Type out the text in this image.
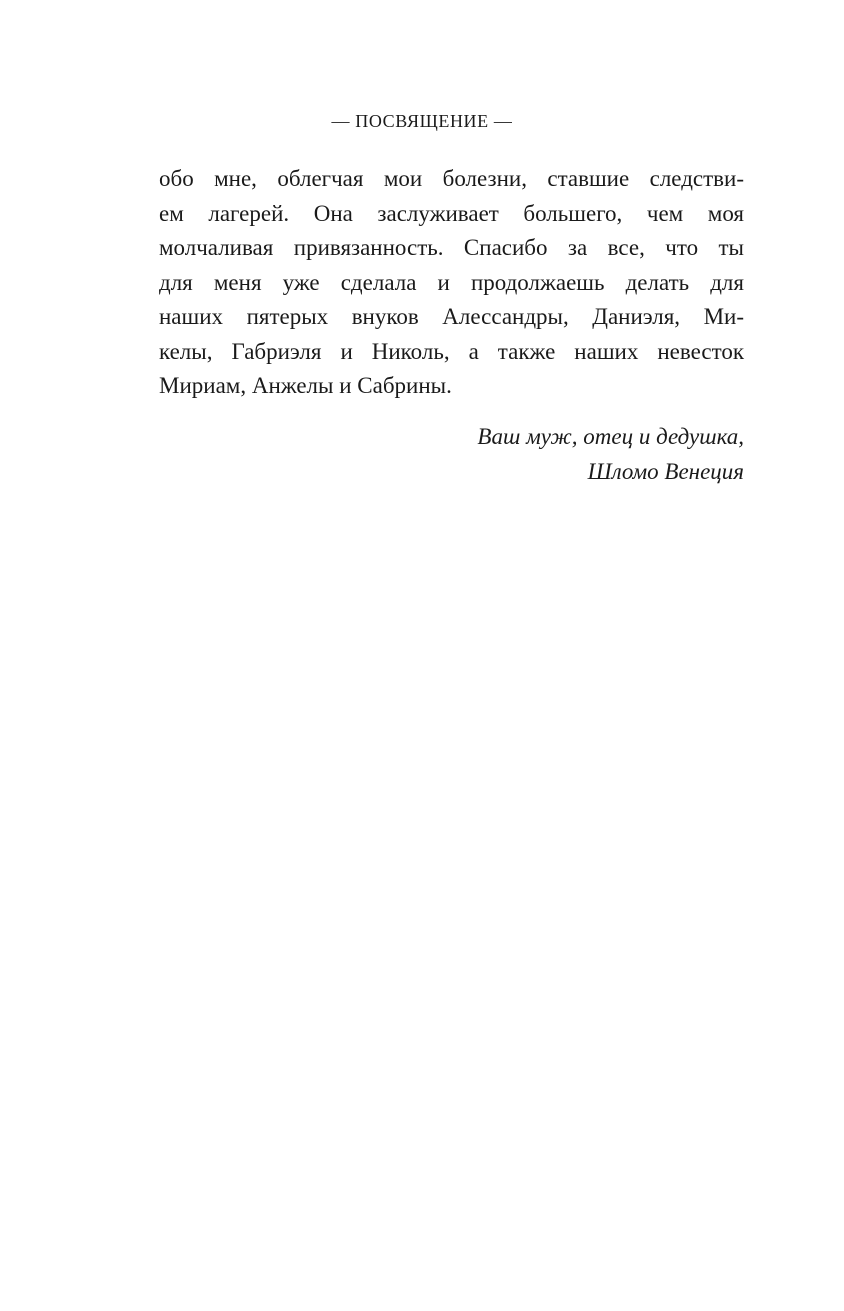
— ПОСВЯЩЕНИЕ —
обо мне, облегчая мои болезни, ставшие следстви-
ем лагерей. Она заслуживает большего, чем моя
молчаливая привязанность. Спасибо за все, что ты
для меня уже сделала и продолжаешь делать для
наших пятерых внуков Алессандры, Даниэля, Ми-
келы, Габриэля и Николь, а также наших невесток
Мириам, Анжелы и Сабрины.
Ваш муж, отец и дедушка,
Шломо Венеция
